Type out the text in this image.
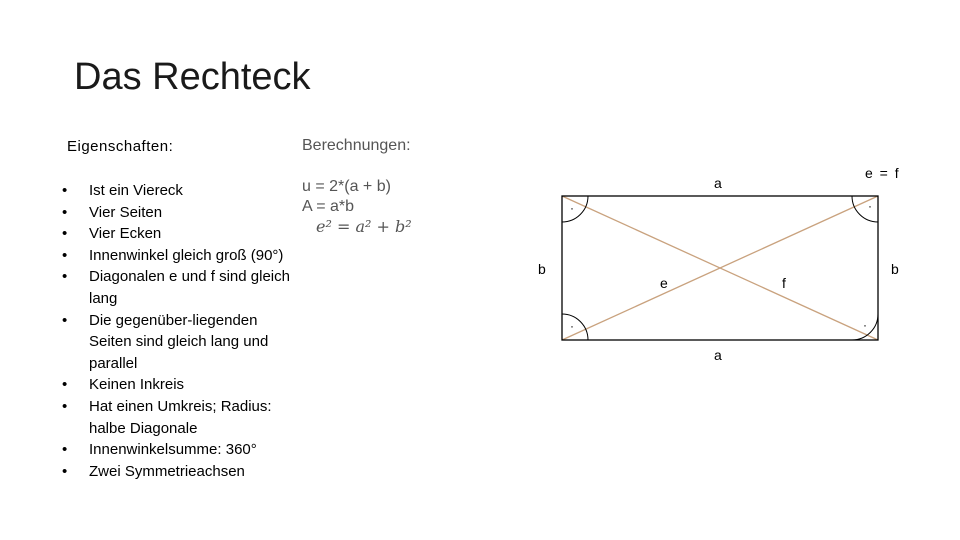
Das Rechteck
Eigenschaften:
• Ist ein Viereck
• Vier Seiten
• Vier Ecken
• Innenwinkel gleich groß (90°)
• Diagonalen e und f sind gleich lang
• Die gegenüber-liegenden Seiten sind gleich lang und parallel
• Keinen Inkreis
• Hat einen Umkreis; Radius: halbe Diagonale
• Innenwinkelsumme: 360°
• Zwei Symmetrieachsen
Berechnungen:
u = 2*(a + b)
A = a*b
e² = a² + b²
·	·
·	·
a
a
b	b
e	f
e = f
